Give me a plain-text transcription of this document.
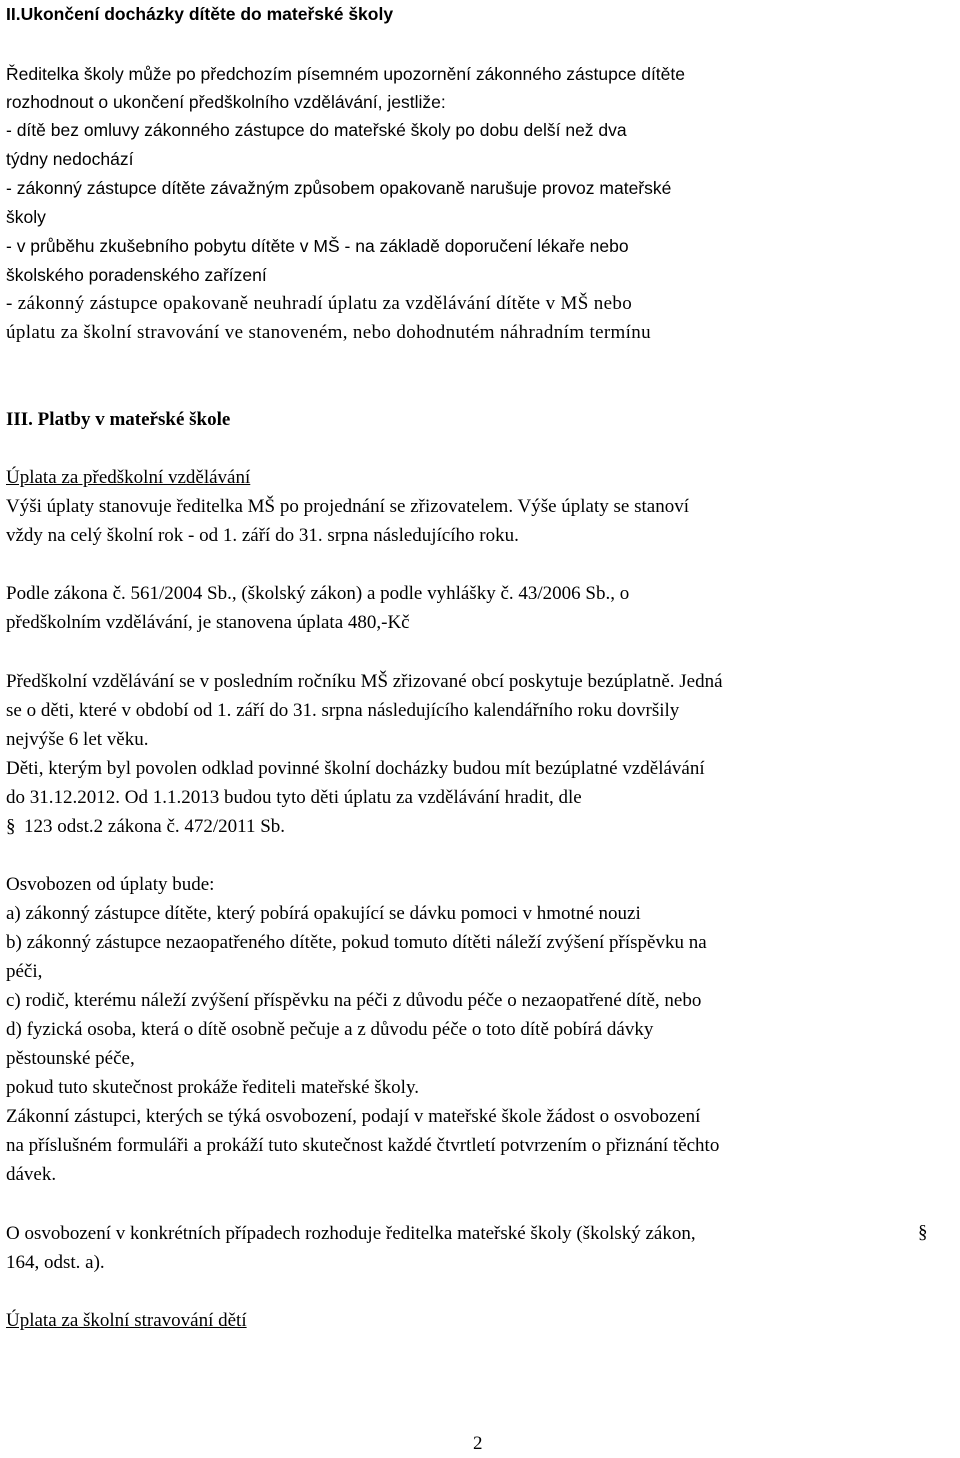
II.Ukončení docházky dítěte do mateřské školy

Ředitelka školy může po předchozím písemném upozornění zákonného zástupce dítěte

rozhodnout o ukončení předškolního vzdělávání, jestliže:

- dítě bez omluvy zákonného zástupce do mateřské školy po dobu delší než dva

týdny nedochází

- zákonný zástupce dítěte závažným způsobem opakovaně narušuje provoz mateřské

školy

- v průběhu zkušebního pobytu dítěte v MŠ - na základě doporučení lékaře nebo

školského poradenského zařízení

- zákonný zástupce opakovaně neuhradí úplatu za vzdělávání dítěte v MŠ nebo

úplatu za školní stravování ve stanoveném, nebo dohodnutém náhradním termínu

III. Platby v mateřské škole

Úplata za předškolní vzdělávání

Výši úplaty stanovuje ředitelka MŠ po projednání se zřizovatelem. Výše úplaty se stanoví

vždy na celý školní rok - od 1. září do 31. srpna následujícího roku.

Podle zákona č. 561/2004 Sb., (školský zákon) a podle vyhlášky č. 43/2006 Sb., o

předškolním vzdělávání, je stanovena úplata 480,-Kč

Předškolní vzdělávání se v posledním ročníku MŠ zřizované obcí poskytuje bezúplatně. Jedná

se o děti, které v období od 1. září do 31. srpna následujícího kalendářního roku dovršily

nejvýše 6 let věku.

Děti, kterým byl povolen odklad povinné školní docházky budou mít bezúplatné vzdělávání

do 31.12.2012. Od 1.1.2013 budou tyto děti úplatu za vzdělávání hradit, dle

§ 123 odst.2 zákona č. 472/2011 Sb.

Osvobozen od úplaty bude:

a) zákonný zástupce dítěte, který pobírá opakující se dávku pomoci v hmotné nouzi

b) zákonný zástupce nezaopatřeného dítěte, pokud tomuto dítěti náleží zvýšení příspěvku na

péči,

c) rodič, kterému náleží zvýšení příspěvku na péči z důvodu péče o nezaopatřené dítě, nebo

d) fyzická osoba, která o dítě osobně pečuje a z důvodu péče o toto dítě pobírá dávky

pěstounské péče,

pokud tuto skutečnost prokáže řediteli mateřské školy.

Zákonní zástupci, kterých se týká osvobození, podají v mateřské škole žádost o osvobození

na příslušném formuláři a prokáží tuto skutečnost každé čtvrtletí potvrzením o přiznání těchto

dávek.

O osvobození v konkrétních případech rozhoduje ředitelka mateřské školy (školský zákon,	§

164, odst. a).

Úplata za školní stravování dětí

2
